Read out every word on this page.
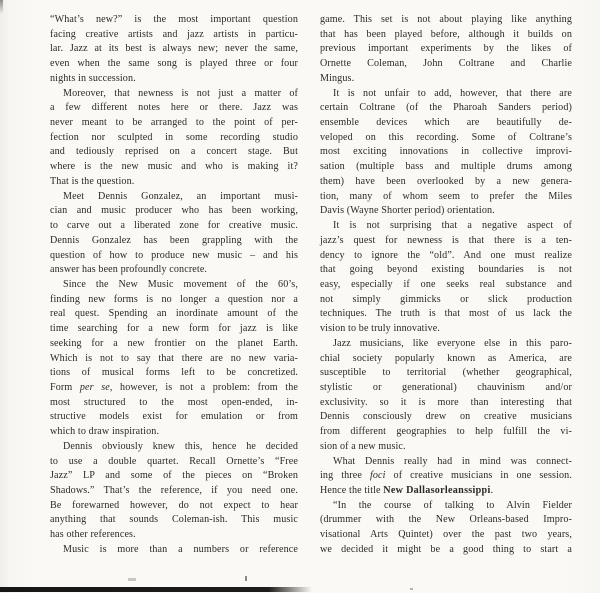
“What’s new?” is the most important question
facing creative artists and jazz artists in particu-
lar. Jazz at its best is always new; never the same,
even when the same song is played three or four
nights in succession.
Moreover, that newness is not just a matter of
a few different notes here or there. Jazz was
never meant to be arranged to the point of per-
fection nor sculpted in some recording studio
and tediously reprised on a concert stage. But
where is the new music and who is making it?
That is the question.
Meet Dennis Gonzalez, an important musi-
cian and music producer who has been working,
to carve out a liberated zone for creative music.
Dennis Gonzalez has been grappling with the
question of how to produce new music – and his
answer has been profoundly concrete.
Since the New Music movement of the 60’s,
finding new forms is no longer a question nor a
real quest. Spending an inordinate amount of the
time searching for a new form for jazz is like
seeking for a new frontier on the planet Earth.
Which is not to say that there are no new varia-
tions of musical forms left to be concretized.
Form per se, however, is not a problem: from the
most structured to the most open-ended, in-
structive models exist for emulation or from
which to draw inspiration.
Dennis obviously knew this, hence he decided
to use a double quartet. Recall Ornette’s “Free
Jazz” LP and some of the pieces on “Broken
Shadows.” That’s the reference, if you need one.
Be forewarned however, do not expect to hear
anything that sounds Coleman-ish. This music
has other references.
Music is more than a numbers or reference
game. This set is not about playing like anything
that has been played before, although it builds on
previous important experiments by the likes of
Ornette Coleman, John Coltrane and Charlie
Mingus.
It is not unfair to add, however, that there are
certain Coltrane (of the Pharoah Sanders period)
ensemble devices which are beautifully de-
veloped on this recording. Some of Coltrane’s
most exciting innovations in collective improvi-
sation (multiple bass and multiple drums among
them) have been overlooked by a new genera-
tion, many of whom seem to prefer the Miles
Davis (Wayne Shorter period) orientation.
It is not surprising that a negative aspect of
jazz’s quest for newness is that there is a ten-
dency to ignore the “old”. And one must realize
that going beyond existing boundaries is not
easy, especially if one seeks real substance and
not simply gimmicks or slick production
techniques. The truth is that most of us lack the
vision to be truly innovative.
Jazz musicians, like everyone else in this paro-
chial society popularly known as America, are
susceptible to territorial (whether geographical,
stylistic or generational) chauvinism and/or
exclusivity. so it is more than interesting that
Dennis consciously drew on creative musicians
from different geographies to help fulfill the vi-
sion of a new music.
What Dennis really had in mind was connect-
ing three foci of creative musicians in one session.
Hence the title New Dallasorleanssippi.
“In the course of talking to Alvin Fielder
(drummer with the New Orleans-based Impro-
visational Arts Quintet) over the past two years,
we decided it might be a good thing to start a
